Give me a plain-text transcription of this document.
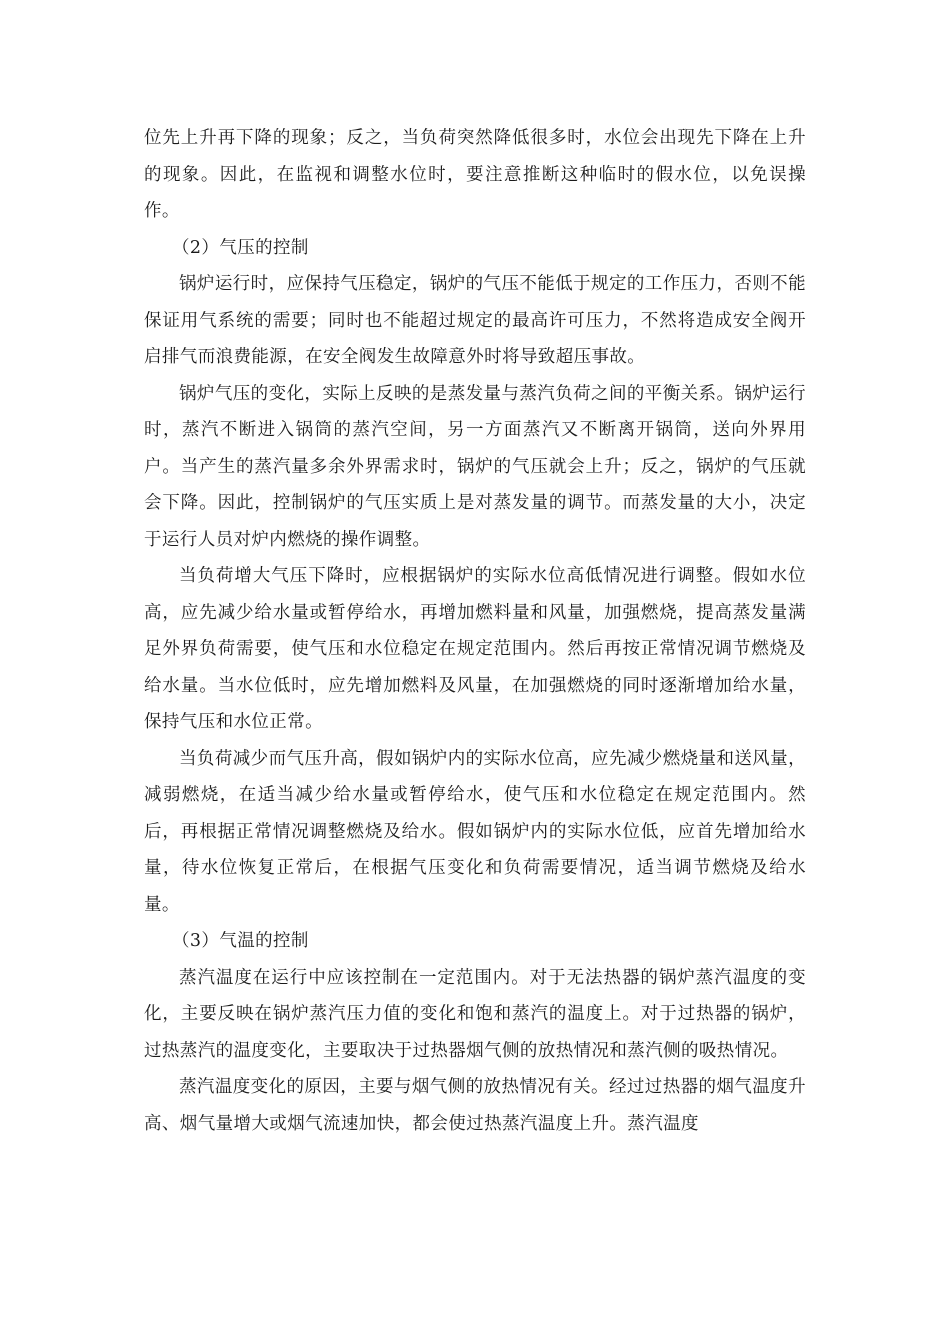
位先上升再下降的现象；反之，当负荷突然降低很多时，水位会出现先下降在上升的现象。因此，在监视和调整水位时，要注意推断这种临时的假水位，以免误操作。

（2）气压的控制

锅炉运行时，应保持气压稳定，锅炉的气压不能低于规定的工作压力，否则不能保证用气系统的需要；同时也不能超过规定的最高许可压力，不然将造成安全阀开启排气而浪费能源，在安全阀发生故障意外时将导致超压事故。

锅炉气压的变化，实际上反映的是蒸发量与蒸汽负荷之间的平衡关系。锅炉运行时，蒸汽不断进入锅筒的蒸汽空间，另一方面蒸汽又不断离开锅筒，送向外界用户。当产生的蒸汽量多余外界需求时，锅炉的气压就会上升；反之，锅炉的气压就会下降。因此，控制锅炉的气压实质上是对蒸发量的调节。而蒸发量的大小，决定于运行人员对炉内燃烧的操作调整。

当负荷增大气压下降时，应根据锅炉的实际水位高低情况进行调整。假如水位高，应先减少给水量或暂停给水，再增加燃料量和风量，加强燃烧，提高蒸发量满足外界负荷需要，使气压和水位稳定在规定范围内。然后再按正常情况调节燃烧及给水量。当水位低时，应先增加燃料及风量，在加强燃烧的同时逐渐增加给水量，保持气压和水位正常。

当负荷减少而气压升高，假如锅炉内的实际水位高，应先减少燃烧量和送风量，减弱燃烧，在适当减少给水量或暂停给水，使气压和水位稳定在规定范围内。然后，再根据正常情况调整燃烧及给水。假如锅炉内的实际水位低，应首先增加给水量，待水位恢复正常后，在根据气压变化和负荷需要情况，适当调节燃烧及给水量。

（3）气温的控制

蒸汽温度在运行中应该控制在一定范围内。对于无法热器的锅炉蒸汽温度的变化，主要反映在锅炉蒸汽压力值的变化和饱和蒸汽的温度上。对于过热器的锅炉，过热蒸汽的温度变化，主要取决于过热器烟气侧的放热情况和蒸汽侧的吸热情况。

蒸汽温度变化的原因，主要与烟气侧的放热情况有关。经过过热器的烟气温度升高、烟气量增大或烟气流速加快，都会使过热蒸汽温度上升。蒸汽温度
